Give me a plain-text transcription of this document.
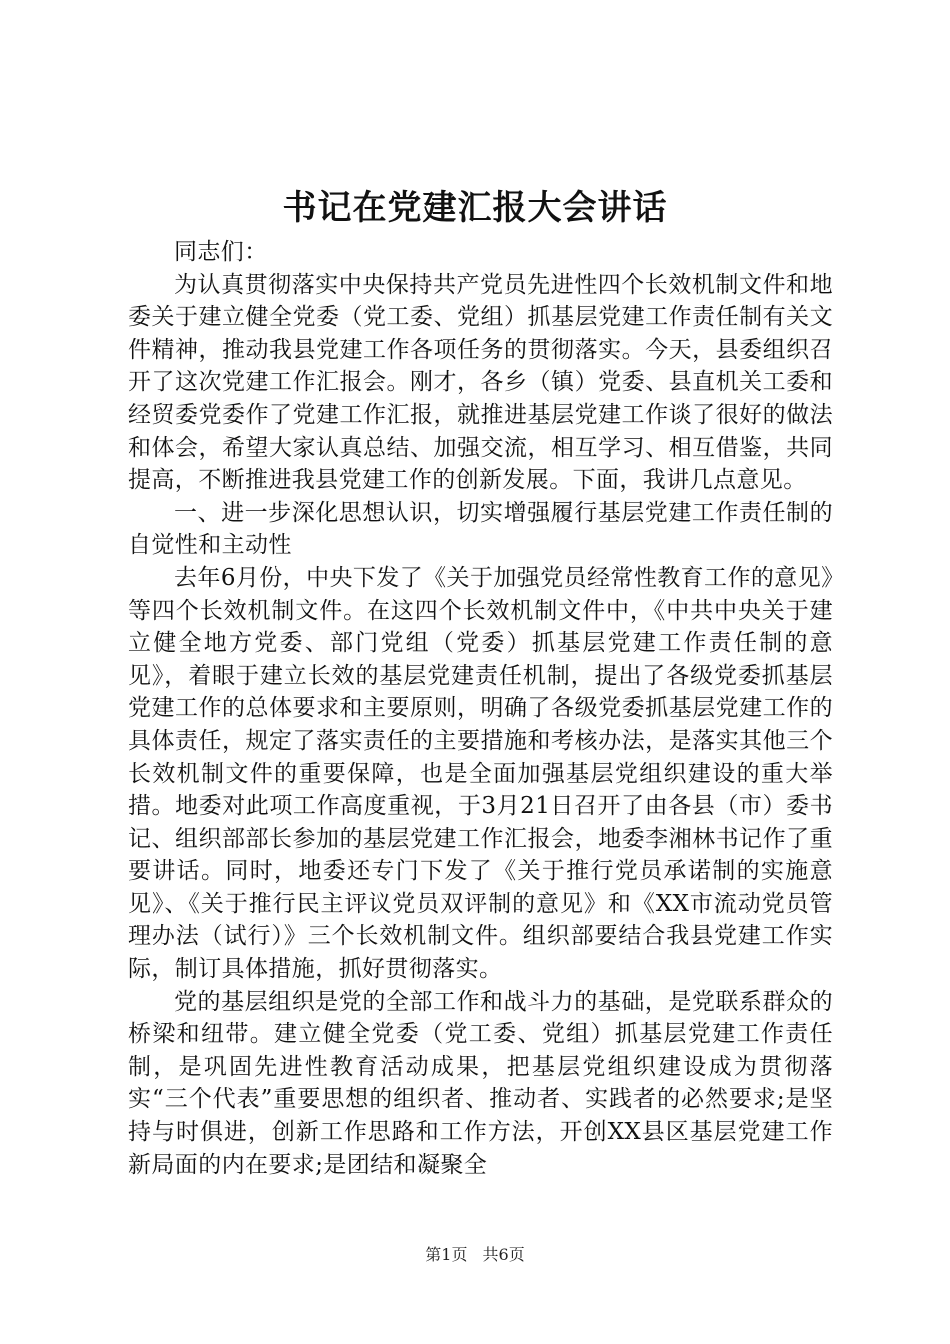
书记在党建汇报大会讲话

同志们：

为认真贯彻落实中央保持共产党员先进性四个长效机制文件和地委关于建立健全党委（党工委、党组）抓基层党建工作责任制有关文件精神，推动我县党建工作各项任务的贯彻落实。今天，县委组织召开了这次党建工作汇报会。刚才，各乡（镇）党委、县直机关工委和经贸委党委作了党建工作汇报，就推进基层党建工作谈了很好的做法和体会，希望大家认真总结、加强交流，相互学习、相互借鉴，共同提高，不断推进我县党建工作的创新发展。下面，我讲几点意见。

一、进一步深化思想认识，切实增强履行基层党建工作责任制的自觉性和主动性

去年6月份，中央下发了《关于加强党员经常性教育工作的意见》等四个长效机制文件。在这四个长效机制文件中，《中共中央关于建立健全地方党委、部门党组（党委）抓基层党建工作责任制的意见》，着眼于建立长效的基层党建责任机制，提出了各级党委抓基层党建工作的总体要求和主要原则，明确了各级党委抓基层党建工作的具体责任，规定了落实责任的主要措施和考核办法，是落实其他三个长效机制文件的重要保障，也是全面加强基层党组织建设的重大举措。地委对此项工作高度重视，于3月21日召开了由各县（市）委书记、组织部部长参加的基层党建工作汇报会，地委李湘林书记作了重要讲话。同时，地委还专门下发了《关于推行党员承诺制的实施意见》、《关于推行民主评议党员双评制的意见》和《XX市流动党员管理办法（试行）》三个长效机制文件。组织部要结合我县党建工作实际，制订具体措施，抓好贯彻落实。

党的基层组织是党的全部工作和战斗力的基础，是党联系群众的桥梁和纽带。建立健全党委（党工委、党组）抓基层党建工作责任制，是巩固先进性教育活动成果，把基层党组织建设成为贯彻落实“三个代表”重要思想的组织者、推动者、实践者的必然要求;是坚持与时俱进，创新工作思路和工作方法，开创XX县区基层党建工作新局面的内在要求;是团结和凝聚全

第1页 共6页
